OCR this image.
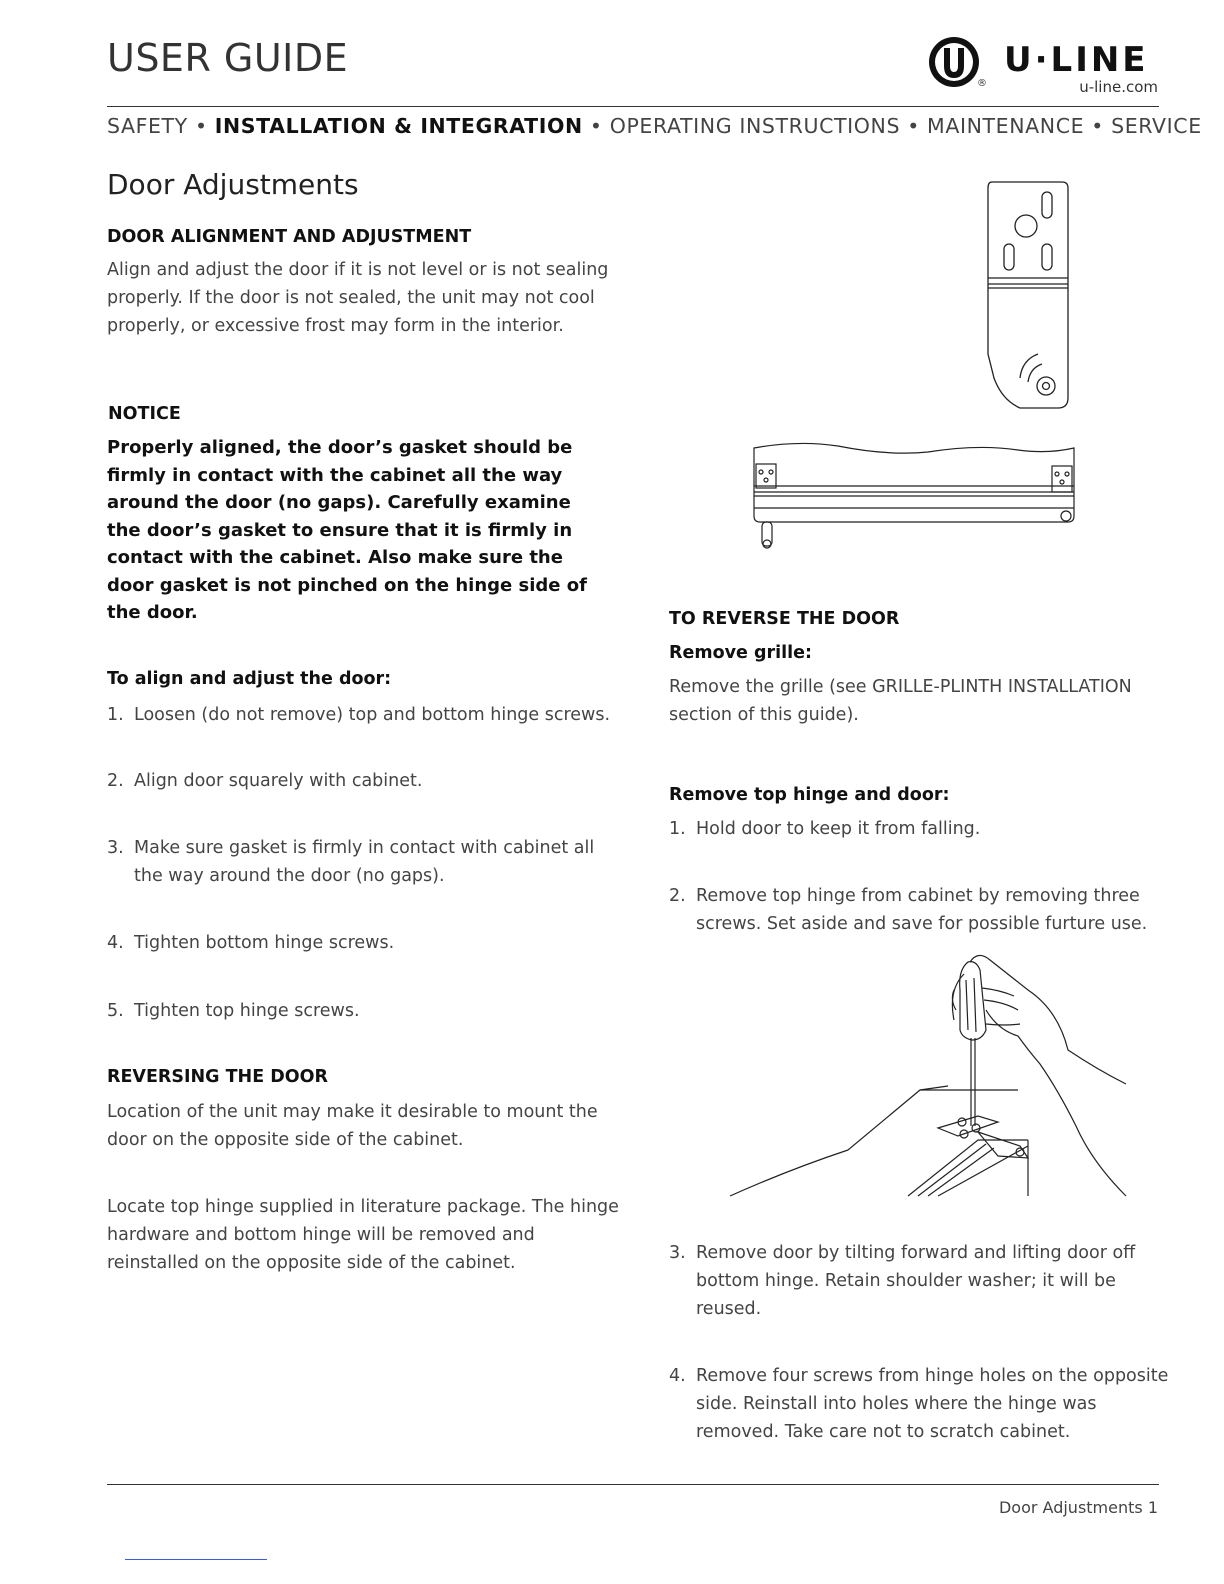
USER GUIDE
®
U·LINE
u-line.com
SAFETY • INSTALLATION & INTEGRATION • OPERATING INSTRUCTIONS • MAINTENANCE • SERVICE
Door Adjustments
DOOR ALIGNMENT AND ADJUSTMENT
Align and adjust the door if it is not level or is not sealing
properly. If the door is not sealed, the unit may not cool
properly, or excessive frost may form in the interior.
NOTICE
Properly aligned, the door’s gasket should be
firmly in contact with the cabinet all the way
around the door (no gaps). Carefully examine
the door’s gasket to ensure that it is firmly in
contact with the cabinet. Also make sure the
door gasket is not pinched on the hinge side of
the door.
To align and adjust the door:
1. Loosen (do not remove) top and bottom hinge screws.
2. Align door squarely with cabinet.
3. Make sure gasket is firmly in contact with cabinet all
the way around the door (no gaps).
4. Tighten bottom hinge screws.
5. Tighten top hinge screws.
REVERSING THE DOOR
Location of the unit may make it desirable to mount the
door on the opposite side of the cabinet.
Locate top hinge supplied in literature package. The hinge
hardware and bottom hinge will be removed and
reinstalled on the opposite side of the cabinet.
TO REVERSE THE DOOR
Remove grille:
Remove the grille (see GRILLE-PLINTH INSTALLATION
section of this guide).
Remove top hinge and door:
1. Hold door to keep it from falling.
2. Remove top hinge from cabinet by removing three
screws. Set aside and save for possible furture use.
3. Remove door by tilting forward and lifting door off
bottom hinge. Retain shoulder washer; it will be
reused.
4. Remove four screws from hinge holes on the opposite
side. Reinstall into holes where the hinge was
removed. Take care not to scratch cabinet.
Door Adjustments 1
